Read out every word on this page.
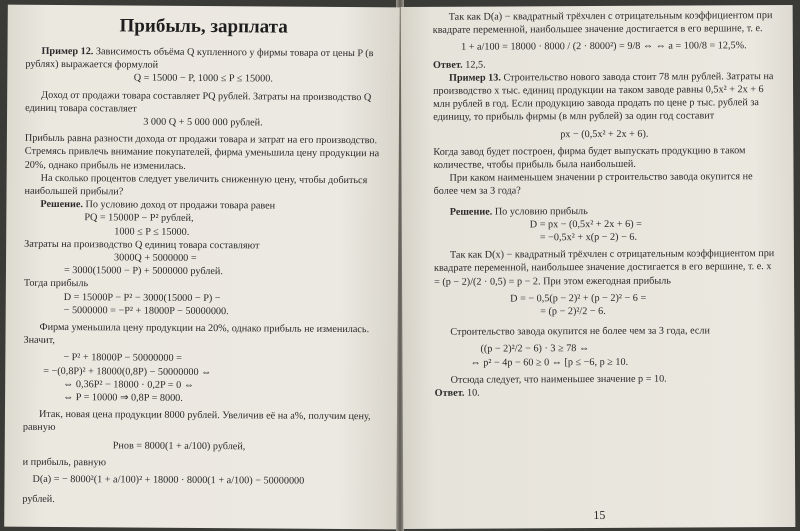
Прибыль, зарплата

Пример 12. Зависимость объёма Q купленного у фирмы товара от цены P (в рублях) выражается формулой

Q = 15000 − P, 1000 ≤ P ≤ 15000.

Доход от продажи товара составляет PQ рублей. Затраты на производство Q единиц товара составляет

3 000 Q + 5 000 000 рублей.

Прибыль равна разности дохода от продажи товара и затрат на его производство. Стремясь привлечь внимание покупателей, фирма уменьшила цену продукции на 20%, однако прибыль не изменилась.

На сколько процентов следует увеличить сниженную цену, чтобы добиться наибольшей прибыли?

Решение. По условию доход от продажи товара равен

PQ = 15000P − P² рублей,
1000 ≤ P ≤ 15000.

Затраты на производство Q единиц товара составляют

3000Q + 5000000 =
= 3000(15000 − P) + 5000000 рублей.

Тогда прибыль

D = 15000P − P² − 3000(15000 − P) −
− 5000000 = −P² + 18000P − 50000000.

Фирма уменьшила цену продукции на 20%, однако прибыль не изменилась. Значит,

− P² + 18000P − 50000000 =
= −(0,8P)² + 18000(0,8P) − 50000000 ⇔
⇔ 0,36P² − 18000 · 0,2P = 0 ⇔
⇔ P = 10000 ⇒ 0,8P = 8000.

Итак, новая цена продукции 8000 рублей. Увеличив её на a%, получим цену, равную

Pнов = 8000(1 + a/100) рублей,

и прибыль, равную

D(a) = − 8000²(1 + a/100)² + 18000 · 8000(1 + a/100) − 50000000

рублей.

Так как D(a) − квадратный трёхчлен с отрицательным коэффициентом при квадрате переменной, наибольшее значение достигается в его вершине, т. е.

1 + a/100 = 18000 · 8000 / (2 · 8000²) = 9/8 ⇔ ⇔ a = 100/8 = 12,5%.

Ответ. 12,5.

Пример 13. Строительство нового завода стоит 78 млн рублей. Затраты на производство x тыс. единиц продукции на таком заводе равны 0,5x² + 2x + 6 млн рублей в год. Если продукцию завода продать по цене p тыс. рублей за единицу, то прибыль фирмы (в млн рублей) за один год составит

px − (0,5x² + 2x + 6).

Когда завод будет построен, фирма будет выпускать продукцию в таком количестве, чтобы прибыль была наибольшей.

При каком наименьшем значении p строительство завода окупится не более чем за 3 года?

Решение. По условию прибыль

D = px − (0,5x² + 2x + 6) =
= −0,5x² + x(p − 2) − 6.

Так как D(x) − квадратный трёхчлен с отрицательным коэффициентом при квадрате переменной, наибольшее значение достигается в его вершине, т. е. x = (p − 2)/(2 · 0,5) = p − 2. При этом ежегодная прибыль

D = − 0,5(p − 2)² + (p − 2)² − 6 =
= (p − 2)²/2 − 6.

Строительство завода окупится не более чем за 3 года, если

((p − 2)²/2 − 6) · 3 ≥ 78 ⇔
⇔ p² − 4p − 60 ≥ 0 ⇔ [p ≤ −6, p ≥ 10.

Отсюда следует, что наименьшее значение p = 10.

Ответ. 10.

15
